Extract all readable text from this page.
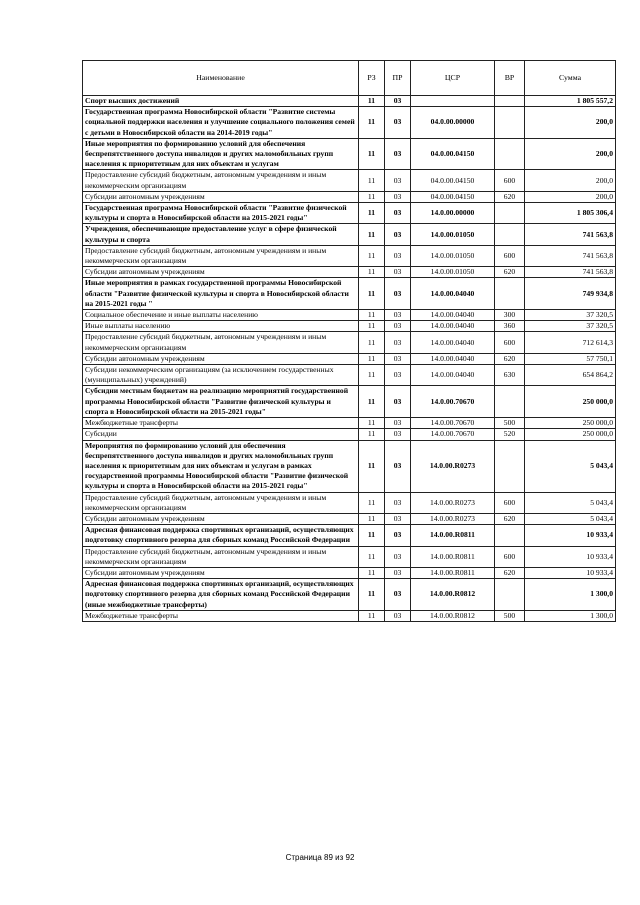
Наименование	РЗ	ПР	ЦСР	ВР	Сумма
Спорт высших достижений	11	03			1 805 557,2
Государственная программа Новосибирской области "Развитие системы социальной поддержки населения и улучшение социального положения семей с детьми в Новосибирской области на 2014-2019 годы"	11	03	04.0.00.00000		200,0
Иные мероприятия по формированию условий для обеспечения беспрепятственного доступа инвалидов и других маломобильных групп населения к приоритетным для них объектам и услугам	11	03	04.0.00.04150		200,0
Предоставление субсидий бюджетным, автономным учреждениям и иным некоммерческим организациям	11	03	04.0.00.04150	600	200,0
Субсидии автономным учреждениям	11	03	04.0.00.04150	620	200,0
Государственная программа Новосибирской области "Развитие физической культуры и спорта в Новосибирской области на 2015-2021 годы"	11	03	14.0.00.00000		1 805 306,4
Учреждения, обеспечивающие предоставление услуг в сфере физической культуры и спорта	11	03	14.0.00.01050		741 563,8
Предоставление субсидий бюджетным, автономным учреждениям и иным некоммерческим организациям	11	03	14.0.00.01050	600	741 563,8
Субсидии автономным учреждениям	11	03	14.0.00.01050	620	741 563,8
Иные мероприятия в рамках государственной программы Новосибирской области "Развитие физической культуры и спорта в Новосибирской области на 2015-2021 годы "	11	03	14.0.00.04040		749 934,8
Социальное обеспечение и иные выплаты населению	11	03	14.0.00.04040	300	37 320,5
Иные выплаты населению	11	03	14.0.00.04040	360	37 320,5
Предоставление субсидий бюджетным, автономным учреждениям и иным некоммерческим организациям	11	03	14.0.00.04040	600	712 614,3
Субсидии автономным учреждениям	11	03	14.0.00.04040	620	57 750,1
Субсидии некоммерческим организациям (за исключением государственных (муниципальных) учреждений)	11	03	14.0.00.04040	630	654 864,2
Субсидии местным бюджетам на реализацию мероприятий государственной программы Новосибирской области "Развитие физической культуры и спорта в Новосибирской области на 2015-2021 годы"	11	03	14.0.00.70670		250 000,0
Межбюджетные трансферты	11	03	14.0.00.70670	500	250 000,0
Субсидии	11	03	14.0.00.70670	520	250 000,0
Мероприятия по формированию условий для обеспечения беспрепятственного доступа инвалидов и других маломобильных групп населения к приоритетным для них объектам и услугам в рамках государственной программы Новосибирской области "Развитие физической культуры и спорта в Новосибирской области на 2015-2021 годы"	11	03	14.0.00.R0273		5 043,4
Предоставление субсидий бюджетным, автономным учреждениям и иным некоммерческим организациям	11	03	14.0.00.R0273	600	5 043,4
Субсидии автономным учреждениям	11	03	14.0.00.R0273	620	5 043,4
Адресная финансовая поддержка спортивных организаций, осуществляющих подготовку спортивного резерва для сборных команд Российской Федерации	11	03	14.0.00.R0811		10 933,4
Предоставление субсидий бюджетным, автономным учреждениям и иным некоммерческим организациям	11	03	14.0.00.R0811	600	10 933,4
Субсидии автономным учреждениям	11	03	14.0.00.R0811	620	10 933,4
Адресная финансовая поддержка спортивных организаций, осуществляющих подготовку спортивного резерва для сборных команд Российской Федерации (иные межбюджетные трансферты)	11	03	14.0.00.R0812		1 300,0
Межбюджетные трансферты	11	03	14.0.00.R0812	500	1 300,0
Страница 89 из 92
